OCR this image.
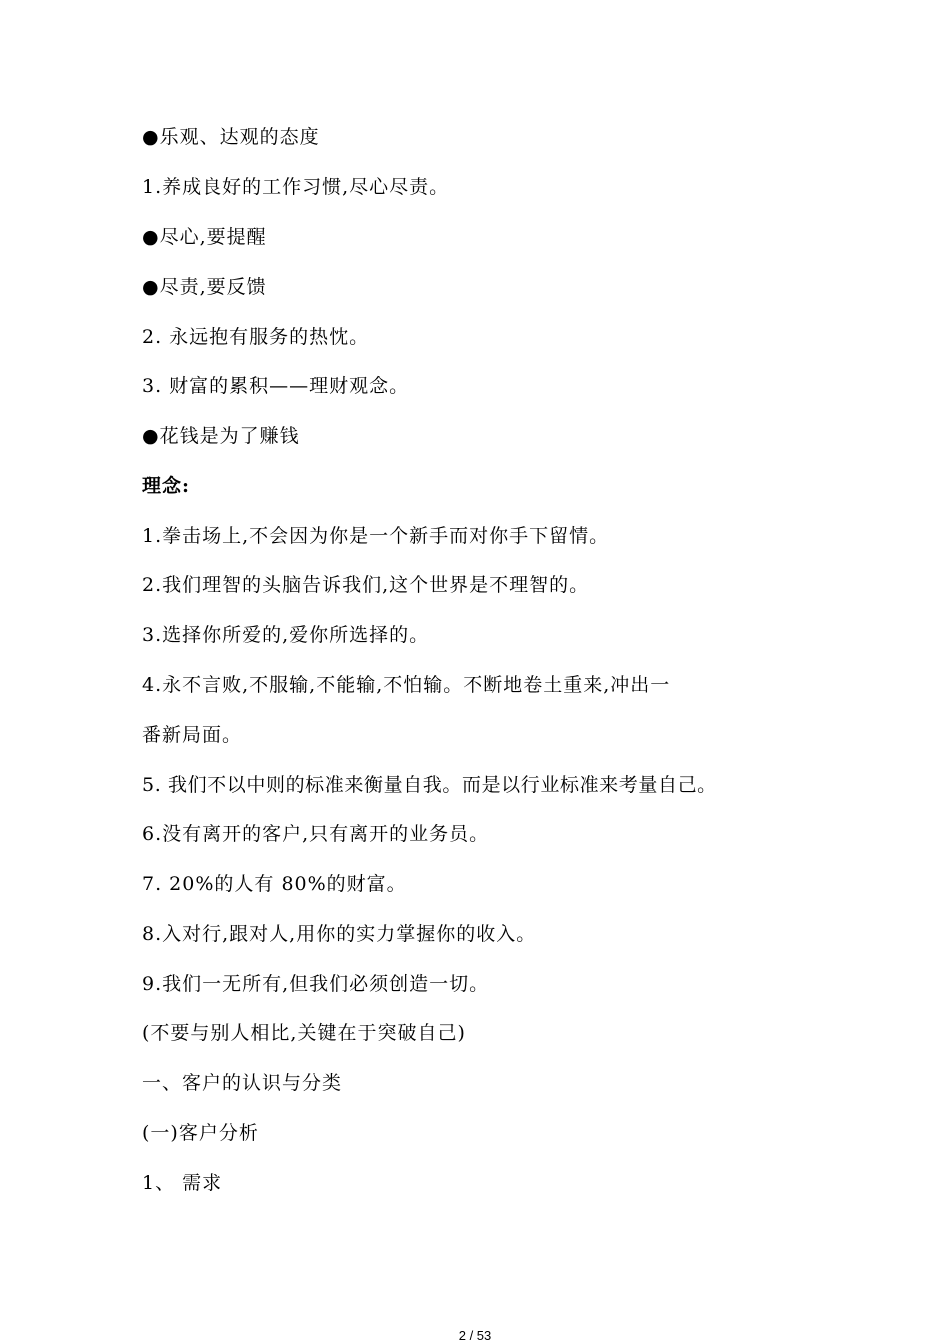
●乐观、达观的态度
1.养成良好的工作习惯,尽心尽责。
●尽心,要提醒
●尽责,要反馈
2. 永远抱有服务的热忱。
3. 财富的累积——理财观念。
●花钱是为了赚钱
理念:
1.拳击场上,不会因为你是一个新手而对你手下留情。
2.我们理智的头脑告诉我们,这个世界是不理智的。
3.选择你所爱的,爱你所选择的。
4.永不言败,不服输,不能输,不怕输。不断地卷土重来,冲出一
番新局面。
5. 我们不以中则的标准来衡量自我。而是以行业标准来考量自己。
6.没有离开的客户,只有离开的业务员。
7. 20%的人有 80%的财富。
8.入对行,跟对人,用你的实力掌握你的收入。
9.我们一无所有,但我们必须创造一切。
(不要与别人相比,关键在于突破自己)
一、客户的认识与分类
(一)客户分析
1、 需求
2 / 53
